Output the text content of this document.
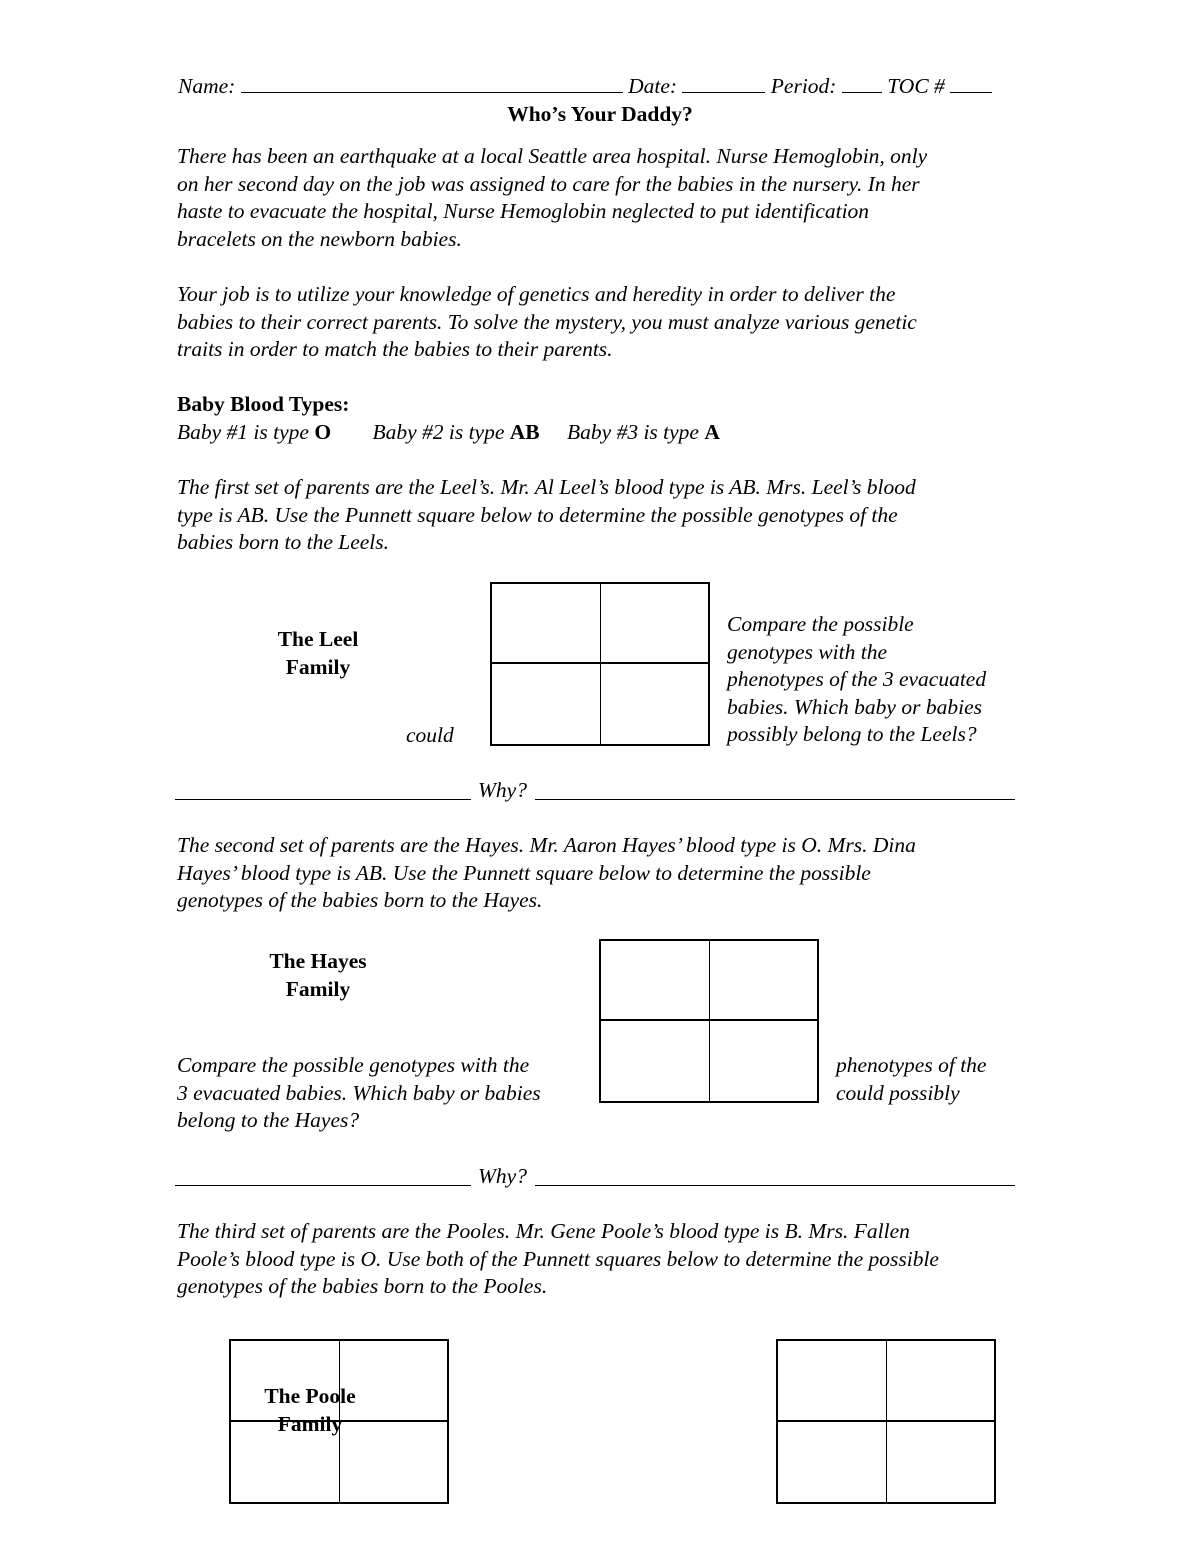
Name:	Date:	Period: TOC #
Who’s Your Daddy?
There has been an earthquake at a local Seattle area hospital. Nurse Hemoglobin, only
on her second day on the job was assigned to care for the babies in the nursery. In her
haste to evacuate the hospital, Nurse Hemoglobin neglected to put identification
bracelets on the newborn babies.
Your job is to utilize your knowledge of genetics and heredity in order to deliver the
babies to their correct parents. To solve the mystery, you must analyze various genetic
traits in order to match the babies to their parents.
Baby Blood Types:
Baby #1 is type O Baby #2 is type AB Baby #3 is type A
The first set of parents are the Leel’s. Mr. Al Leel’s blood type is AB. Mrs. Leel’s blood
type is AB. Use the Punnett square below to determine the possible genotypes of the
babies born to the Leels.
The Leel
Family
could
Compare the possible
genotypes with the
phenotypes of the 3 evacuated
babies. Which baby or babies
possibly belong to the Leels?
Why?
The second set of parents are the Hayes. Mr. Aaron Hayes’ blood type is O. Mrs. Dina
Hayes’ blood type is AB. Use the Punnett square below to determine the possible
genotypes of the babies born to the Hayes.
The Hayes
Family
Compare the possible genotypes with the
3 evacuated babies. Which baby or babies
belong to the Hayes?
phenotypes of the
could possibly
Why?
The third set of parents are the Pooles. Mr. Gene Poole’s blood type is B. Mrs. Fallen
Poole’s blood type is O. Use both of the Punnett squares below to determine the possible
genotypes of the babies born to the Pooles.
The Poole
Family
